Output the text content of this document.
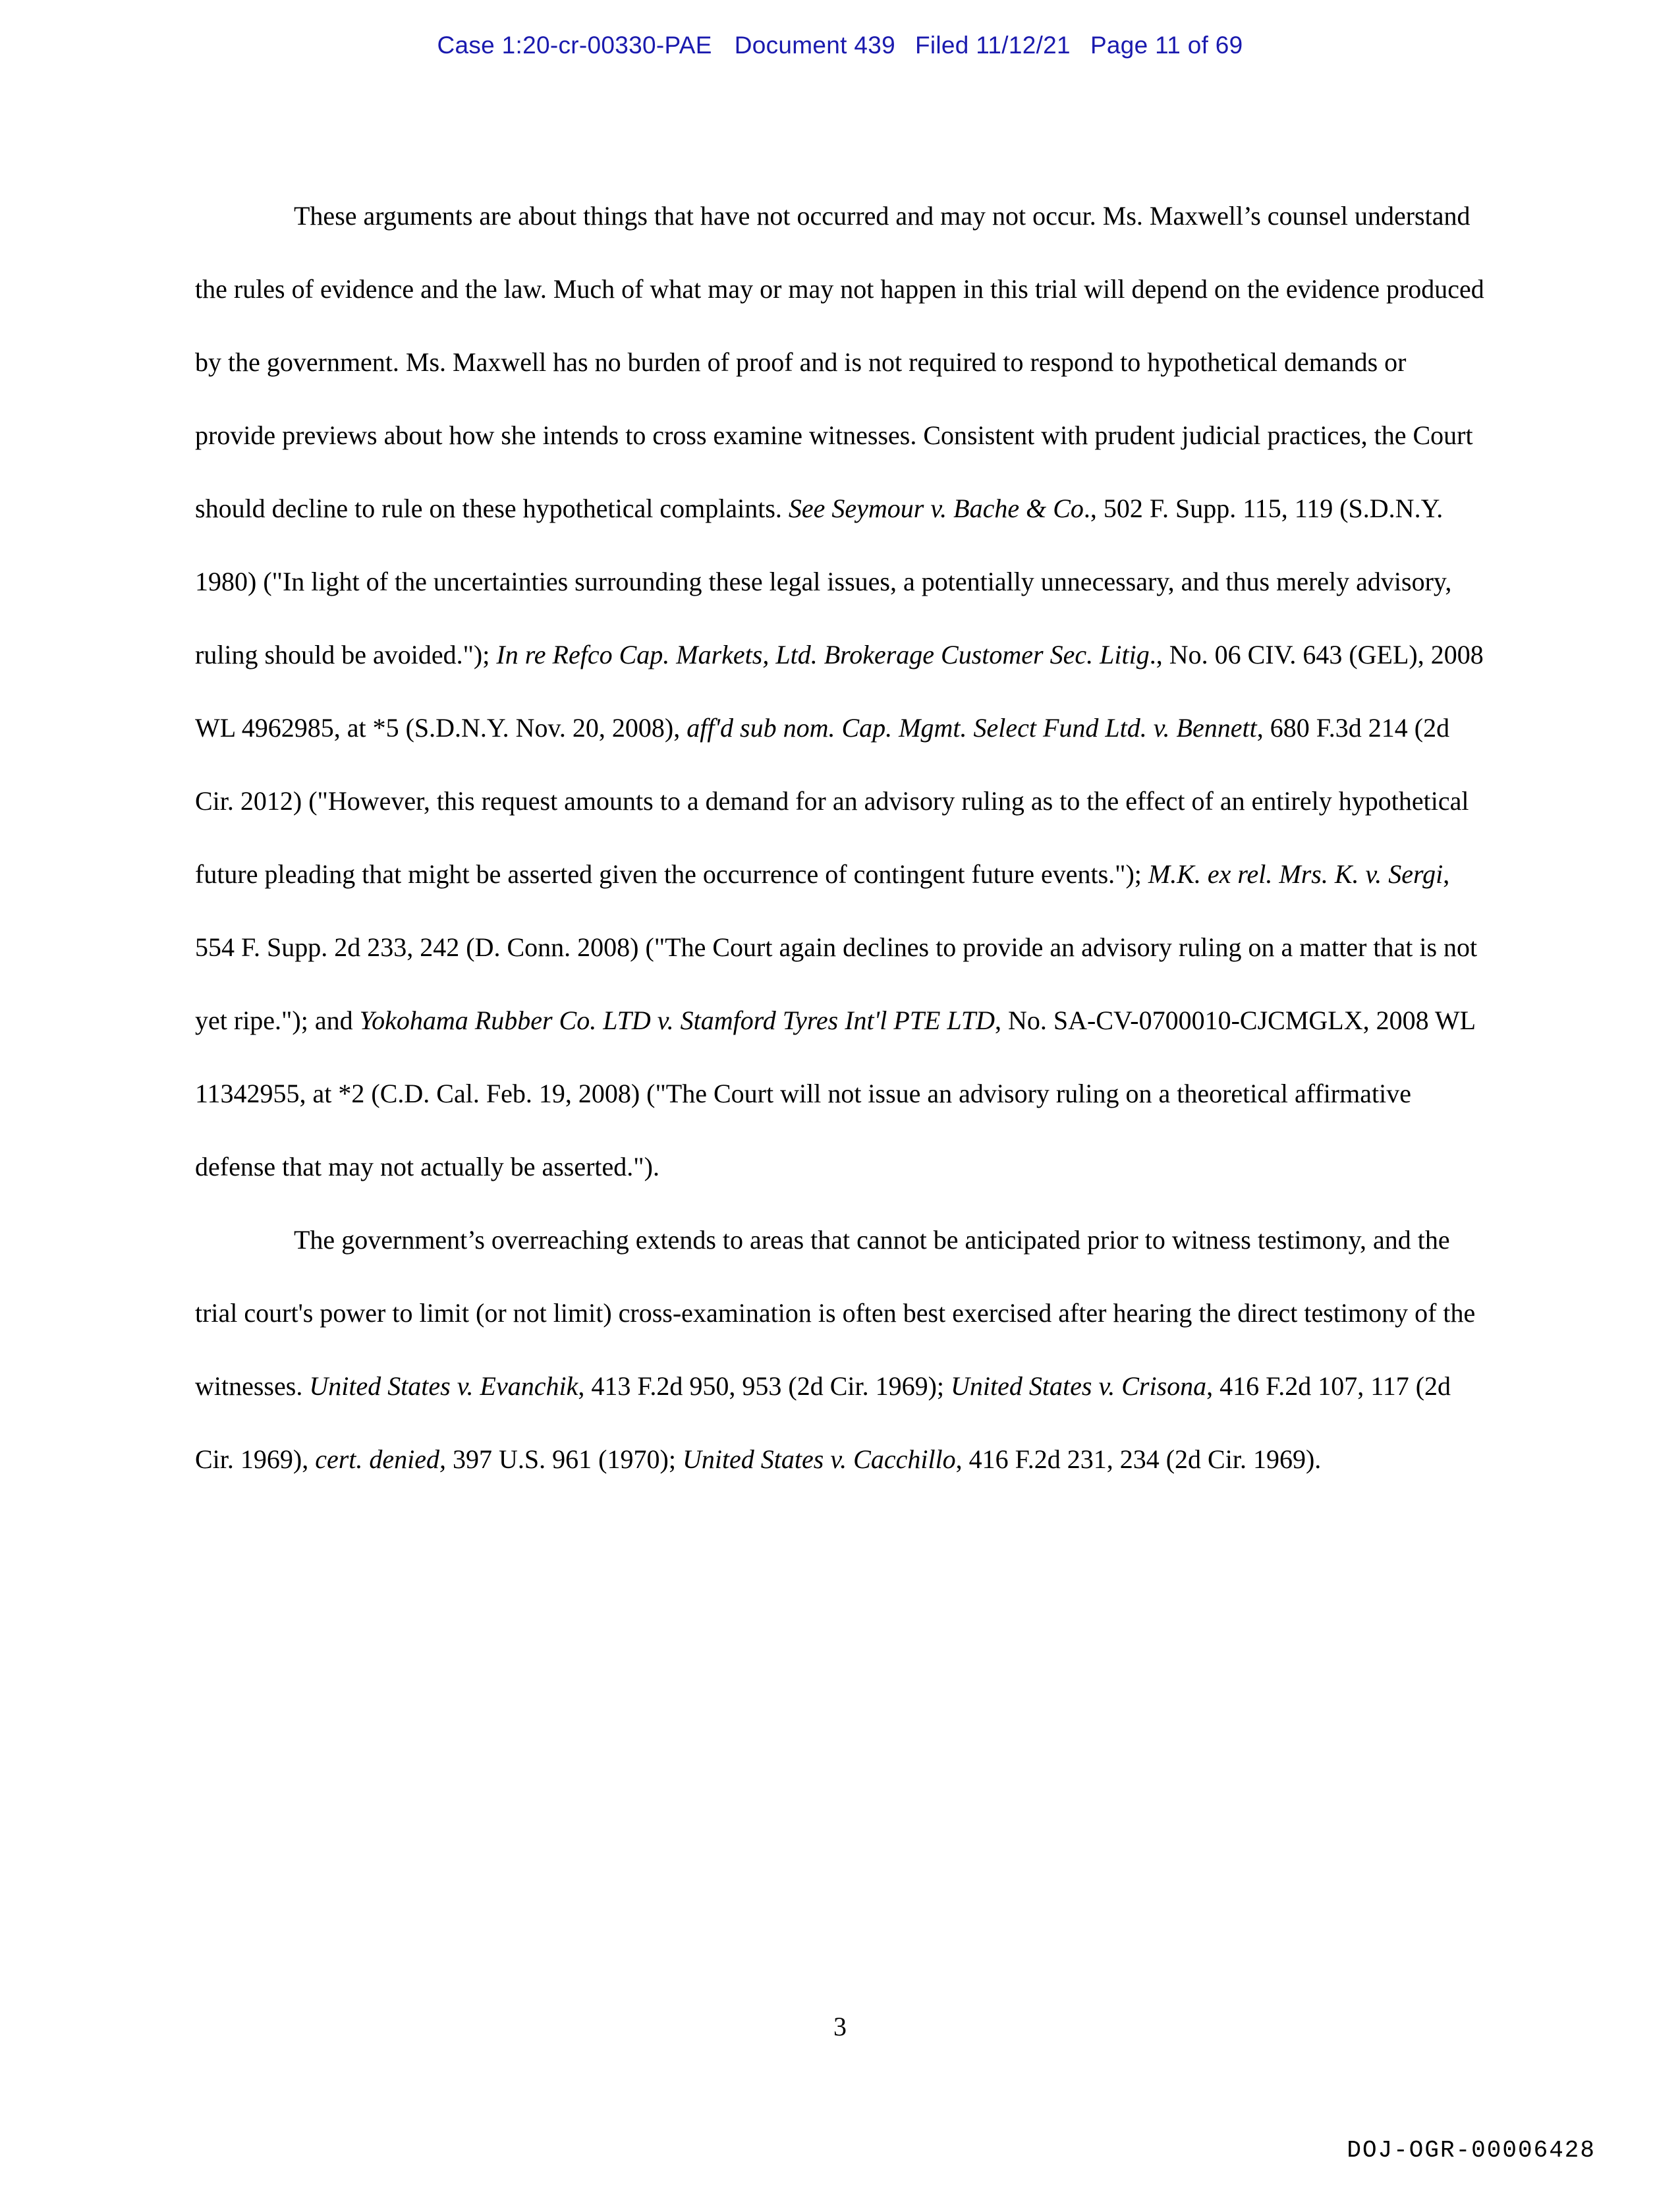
Case 1:20-cr-00330-PAE Document 439 Filed 11/12/21 Page 11 of 69

These arguments are about things that have not occurred and may not occur. Ms. Maxwell’s counsel understand the rules of evidence and the law. Much of what may or may not happen in this trial will depend on the evidence produced by the government. Ms. Maxwell has no burden of proof and is not required to respond to hypothetical demands or provide previews about how she intends to cross examine witnesses. Consistent with prudent judicial practices, the Court should decline to rule on these hypothetical complaints. See Seymour v. Bache & Co., 502 F. Supp. 115, 119 (S.D.N.Y. 1980) ("In light of the uncertainties surrounding these legal issues, a potentially unnecessary, and thus merely advisory, ruling should be avoided."); In re Refco Cap. Markets, Ltd. Brokerage Customer Sec. Litig., No. 06 CIV. 643 (GEL), 2008 WL 4962985, at *5 (S.D.N.Y. Nov. 20, 2008), aff'd sub nom. Cap. Mgmt. Select Fund Ltd. v. Bennett, 680 F.3d 214 (2d Cir. 2012) ("However, this request amounts to a demand for an advisory ruling as to the effect of an entirely hypothetical future pleading that might be asserted given the occurrence of contingent future events."); M.K. ex rel. Mrs. K. v. Sergi, 554 F. Supp. 2d 233, 242 (D. Conn. 2008) ("The Court again declines to provide an advisory ruling on a matter that is not yet ripe."); and Yokohama Rubber Co. LTD v. Stamford Tyres Int'l PTE LTD, No. SA-CV-0700010-CJCMGLX, 2008 WL 11342955, at *2 (C.D. Cal. Feb. 19, 2008) ("The Court will not issue an advisory ruling on a theoretical affirmative defense that may not actually be asserted.").

The government’s overreaching extends to areas that cannot be anticipated prior to witness testimony, and the trial court's power to limit (or not limit) cross-examination is often best exercised after hearing the direct testimony of the witnesses. United States v. Evanchik, 413 F.2d 950, 953 (2d Cir. 1969); United States v. Crisona, 416 F.2d 107, 117 (2d Cir. 1969), cert. denied, 397 U.S. 961 (1970); United States v. Cacchillo, 416 F.2d 231, 234 (2d Cir. 1969).

3
DOJ-OGR-00006428
